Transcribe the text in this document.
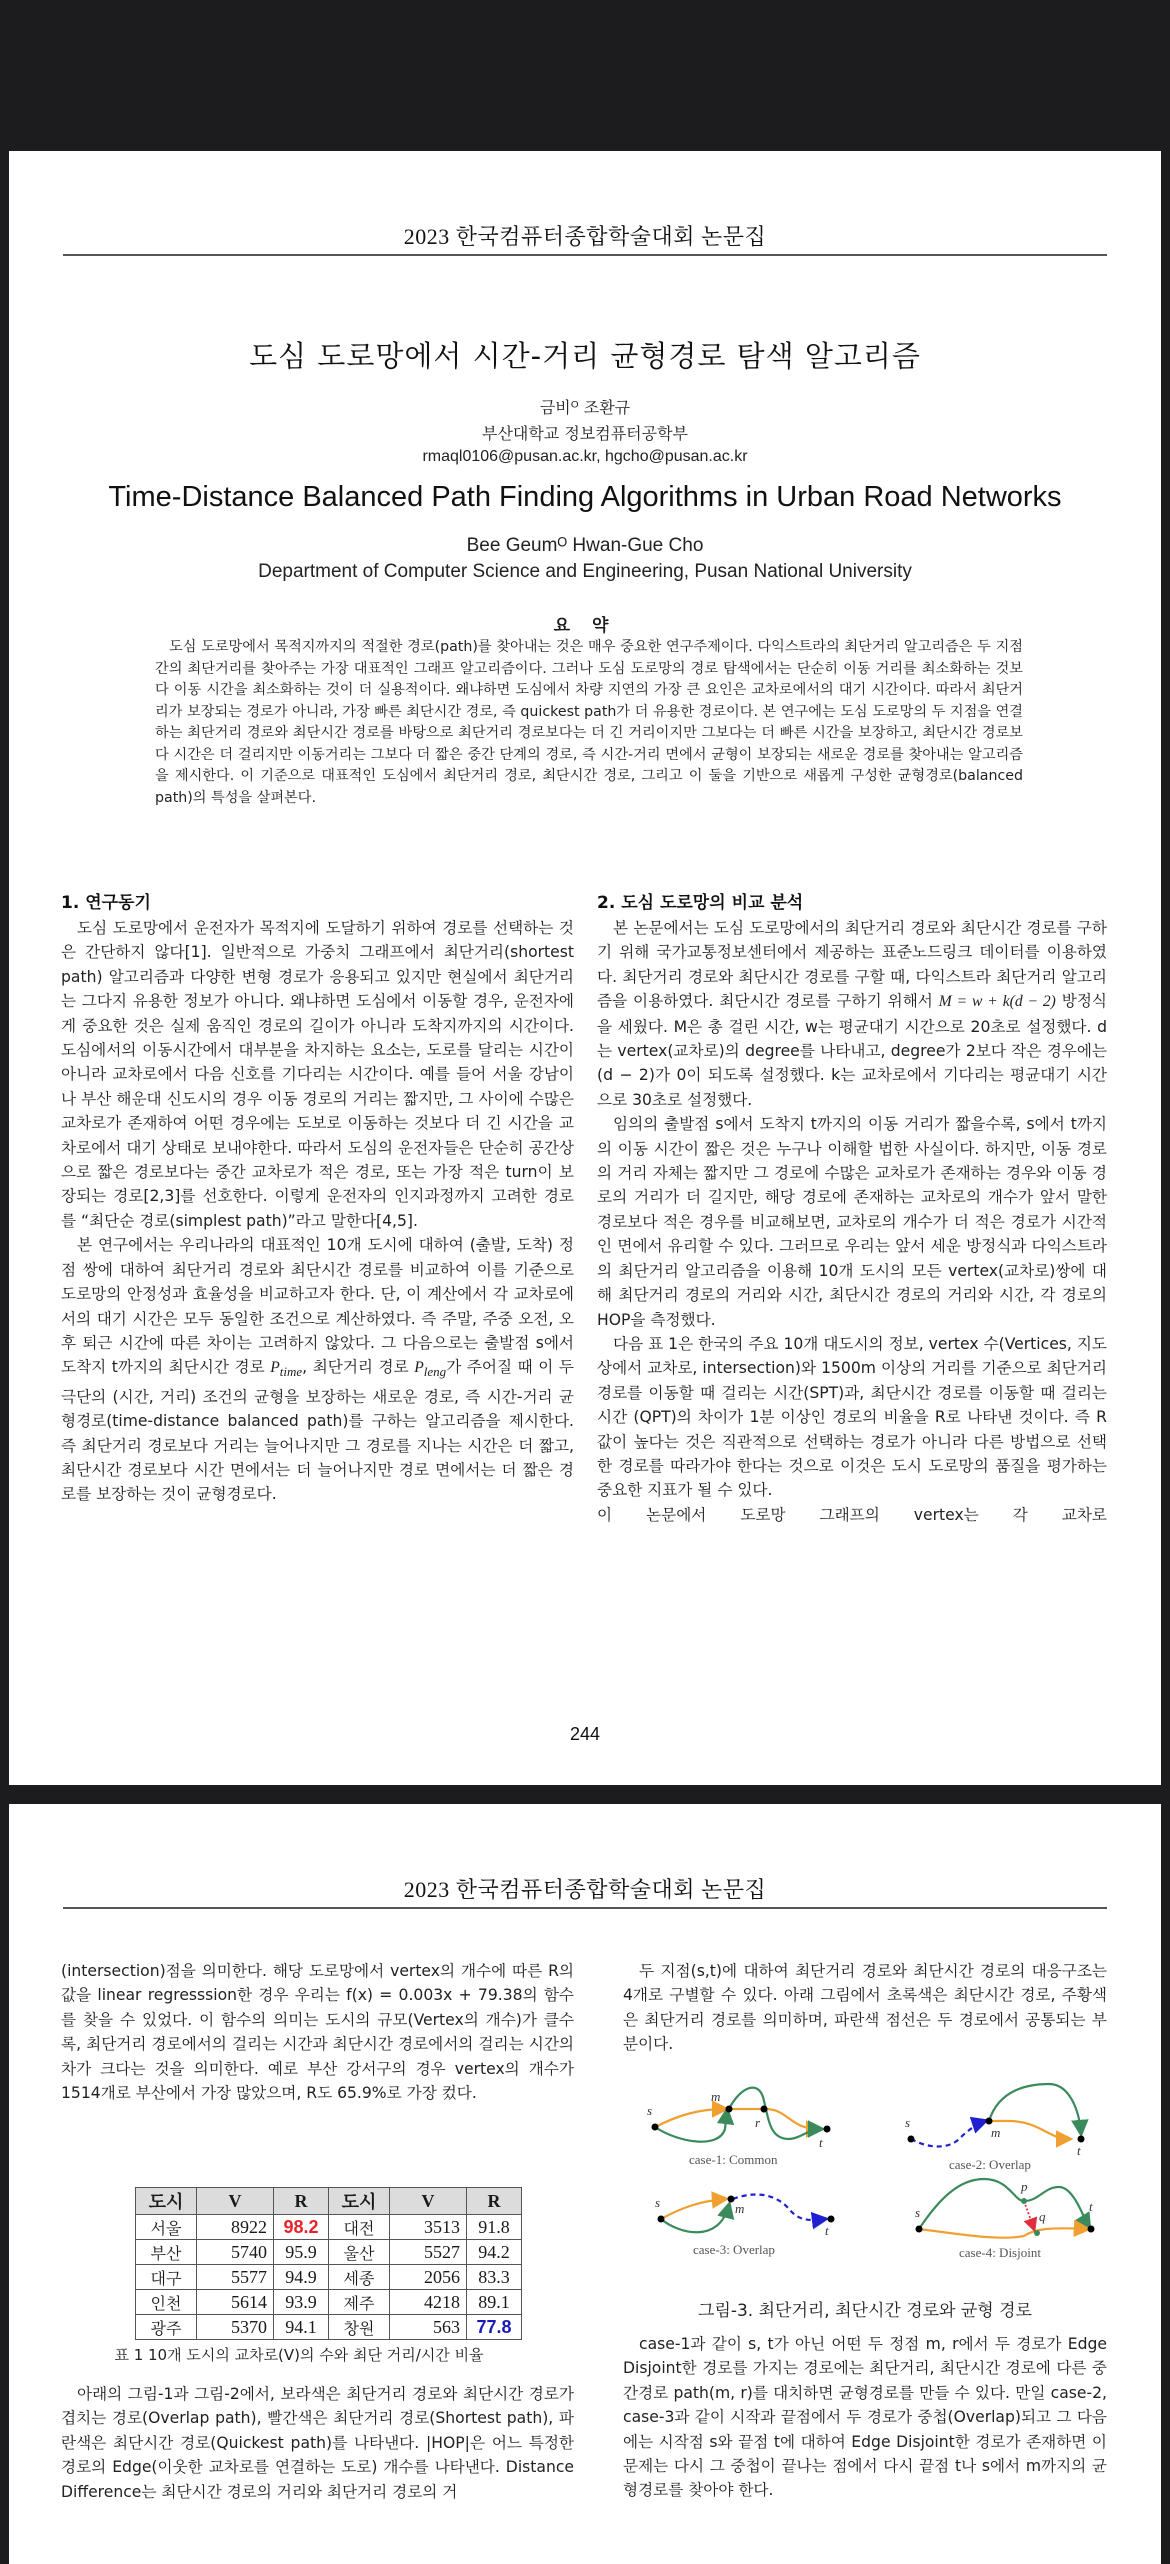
2023 한국컴퓨터종합학술대회 논문집
도심 도로망에서 시간-거리 균형경로 탐색 알고리즘
금비ᴼ 조환규
부산대학교 정보컴퓨터공학부
rmaql0106@pusan.ac.kr, hgcho@pusan.ac.kr
Time-Distance Balanced Path Finding Algorithms in Urban Road Networks
Bee Geumᴼ Hwan-Gue Cho
Department of Computer Science and Engineering, Pusan National University
요 약
도심 도로망에서 목적지까지의 적절한 경로(path)를 찾아내는 것은 매우 중요한 연구주제이다. 다익스트라의 최단거리 알고리즘은 두 지점 간의 최단거리를 찾아주는 가장 대표적인 그래프 알고리즘이다. 그러나 도심 도로망의 경로 탐색에서는 단순히 이동 거리를 최소화하는 것보다 이동 시간을 최소화하는 것이 더 실용적이다. 왜냐하면 도심에서 차량 지연의 가장 큰 요인은 교차로에서의 대기 시간이다. 따라서 최단거리가 보장되는 경로가 아니라, 가장 빠른 최단시간 경로, 즉 quickest path가 더 유용한 경로이다. 본 연구에는 도심 도로망의 두 지점을 연결하는 최단거리 경로와 최단시간 경로를 바탕으로 최단거리 경로보다는 더 긴 거리이지만 그보다는 더 빠른 시간을 보장하고, 최단시간 경로보다 시간은 더 걸리지만 이동거리는 그보다 더 짧은 중간 단계의 경로, 즉 시간-거리 면에서 균형이 보장되는 새로운 경로를 찾아내는 알고리즘을 제시한다. 이 기준으로 대표적인 도심에서 최단거리 경로, 최단시간 경로, 그리고 이 둘을 기반으로 새롭게 구성한 균형경로(balanced path)의 특성을 살펴본다.
1. 연구동기

도심 도로망에서 운전자가 목적지에 도달하기 위하여 경로를 선택하는 것은 간단하지 않다[1]. 일반적으로 가중치 그래프에서 최단거리(shortest path) 알고리즘과 다양한 변형 경로가 응용되고 있지만 현실에서 최단거리는 그다지 유용한 정보가 아니다. 왜냐하면 도심에서 이동할 경우, 운전자에게 중요한 것은 실제 움직인 경로의 길이가 아니라 도착지까지의 시간이다. 도심에서의 이동시간에서 대부분을 차지하는 요소는, 도로를 달리는 시간이 아니라 교차로에서 다음 신호를 기다리는 시간이다. 예를 들어 서울 강남이나 부산 해운대 신도시의 경우 이동 경로의 거리는 짧지만, 그 사이에 수많은 교차로가 존재하여 어떤 경우에는 도보로 이동하는 것보다 더 긴 시간을 교차로에서 대기 상태로 보내야한다. 따라서 도심의 운전자들은 단순히 공간상으로 짧은 경로보다는 중간 교차로가 적은 경로, 또는 가장 적은 turn이 보장되는 경로[2,3]를 선호한다. 이렇게 운전자의 인지과정까지 고려한 경로를 “최단순 경로(simplest path)”라고 말한다[4,5].

본 연구에서는 우리나라의 대표적인 10개 도시에 대하여 (출발, 도착) 정점 쌍에 대하여 최단거리 경로와 최단시간 경로를 비교하여 이를 기준으로 도로망의 안정성과 효율성을 비교하고자 한다. 단, 이 계산에서 각 교차로에서의 대기 시간은 모두 동일한 조건으로 계산하였다. 즉 주말, 주중 오전, 오후 퇴근 시간에 따른 차이는 고려하지 않았다. 그 다음으로는 출발점 s에서 도착지 t까지의 최단시간 경로 $P_{time}$, 최단거리 경로 $P_{leng}$가 주어질 때 이 두 극단의 (시간, 거리) 조건의 균형을 보장하는 새로운 경로, 즉 시간-거리 균형경로(time-distance balanced path)를 구하는 알고리즘을 제시한다. 즉 최단거리 경로보다 거리는 늘어나지만 그 경로를 지나는 시간은 더 짧고, 최단시간 경로보다 시간 면에서는 더 늘어나지만 경로 면에서는 더 짧은 경로를 보장하는 것이 균형경로다.

2. 도심 도로망의 비교 분석

본 논문에서는 도심 도로망에서의 최단거리 경로와 최단시간 경로를 구하기 위해 국가교통정보센터에서 제공하는 표준노드링크 데이터를 이용하였다. 최단거리 경로와 최단시간 경로를 구할 때, 다익스트라 최단거리 알고리즘을 이용하였다. 최단시간 경로를 구하기 위해서 M = w + k(d − 2) 방정식을 세웠다. M은 총 걸린 시간, w는 평균대기 시간으로 20초로 설정했다. d는 vertex(교차로)의 degree를 나타내고, degree가 2보다 작은 경우에는 (d − 2)가 0이 되도록 설정했다. k는 교차로에서 기다리는 평균대기 시간으로 30초로 설정했다.

임의의 출발점 s에서 도착지 t까지의 이동 거리가 짧을수록, s에서 t까지의 이동 시간이 짧은 것은 누구나 이해할 법한 사실이다. 하지만, 이동 경로의 거리 자체는 짧지만 그 경로에 수많은 교차로가 존재하는 경우와 이동 경로의 거리가 더 길지만, 해당 경로에 존재하는 교차로의 개수가 앞서 말한 경로보다 적은 경우를 비교해보면, 교차로의 개수가 더 적은 경로가 시간적인 면에서 유리할 수 있다. 그러므로 우리는 앞서 세운 방정식과 다익스트라의 최단거리 알고리즘을 이용해 10개 도시의 모든 vertex(교차로)쌍에 대해 최단거리 경로의 거리와 시간, 최단시간 경로의 거리와 시간, 각 경로의 HOP을 측정했다.

다음 표 1은 한국의 주요 10개 대도시의 정보, vertex 수(Vertices, 지도상에서 교차로, intersection)와 1500m 이상의 거리를 기준으로 최단거리 경로를 이동할 때 걸리는 시간(SPT)과, 최단시간 경로를 이동할 때 걸리는 시간 (QPT)의 차이가 1분 이상인 경로의 비율을 R로 나타낸 것이다. 즉 R값이 높다는 것은 직관적으로 선택하는 경로가 아니라 다른 방법으로 선택한 경로를 따라가야 한다는 것으로 이것은 도시 도로망의 품질을 평가하는 중요한 지표가 될 수 있다.

이 논문에서 도로망 그래프의 vertex는 각 교차로

244
2023 한국컴퓨터종합학술대회 논문집

(intersection)점을 의미한다. 해당 도로망에서 vertex의 개수에 따른 R의 값을 linear regresssion한 경우 우리는 f(x) = 0.003x + 79.38의 함수를 찾을 수 있었다. 이 함수의 의미는 도시의 규모(Vertex의 개수)가 클수록, 최단거리 경로에서의 걸리는 시간과 최단시간 경로에서의 걸리는 시간의 차가 크다는 것을 의미한다. 예로 부산 강서구의 경우 vertex의 개수가 1514개로 부산에서 가장 많았으며, R도 65.9%로 가장 컸다.

도시	V	R	도시	V	R
서울	8922	98.2	대전	3513	91.8
부산	5740	95.9	울산	5527	94.2
대구	5577	94.9	세종	2056	83.3
인천	5614	93.9	제주	4218	89.1
광주	5370	94.1	창원	563	77.8
표 1 10개 도시의 교차로(V)의 수와 최단 거리/시간 비율

아래의 그림-1과 그림-2에서, 보라색은 최단거리 경로와 최단시간 경로가 겹치는 경로(Overlap path), 빨간색은 최단거리 경로(Shortest path), 파란색은 최단시간 경로(Quickest path)를 나타낸다. |HOP|은 어느 특정한 경로의 Edge(이웃한 교차로를 연결하는 도로) 개수를 나타낸다. Distance Difference는 최단시간 경로의 거리와 최단거리 경로의 거

두 지점(s,t)에 대하여 최단거리 경로와 최단시간 경로의 대응구조는 4개로 구별할 수 있다. 아래 그림에서 초록색은 최단시간 경로, 주황색은 최단거리 경로를 의미하며, 파란색 점선은 두 경로에서 공통되는 부분이다.

s
m
r
t
case-1: Common
s
m
t
case-2: Overlap
s	m
t
case-3: Overlap
s
p
q
t
case-4: Disjoint
그림-3. 최단거리, 최단시간 경로와 균형 경로

case-1과 같이 s, t가 아닌 어떤 두 정점 m, r에서 두 경로가 Edge Disjoint한 경로를 가지는 경로에는 최단거리, 최단시간 경로에 다른 중간경로 path(m, r)를 대치하면 균형경로를 만들 수 있다. 만일 case-2, case-3과 같이 시작과 끝점에서 두 경로가 중첩(Overlap)되고 그 다음에는 시작점 s와 끝점 t에 대하여 Edge Disjoint한 경로가 존재하면 이 문제는 다시 그 중첩이 끝나는 점에서 다시 끝점 t나 s에서 m까지의 균형경로를 찾아야 한다.
